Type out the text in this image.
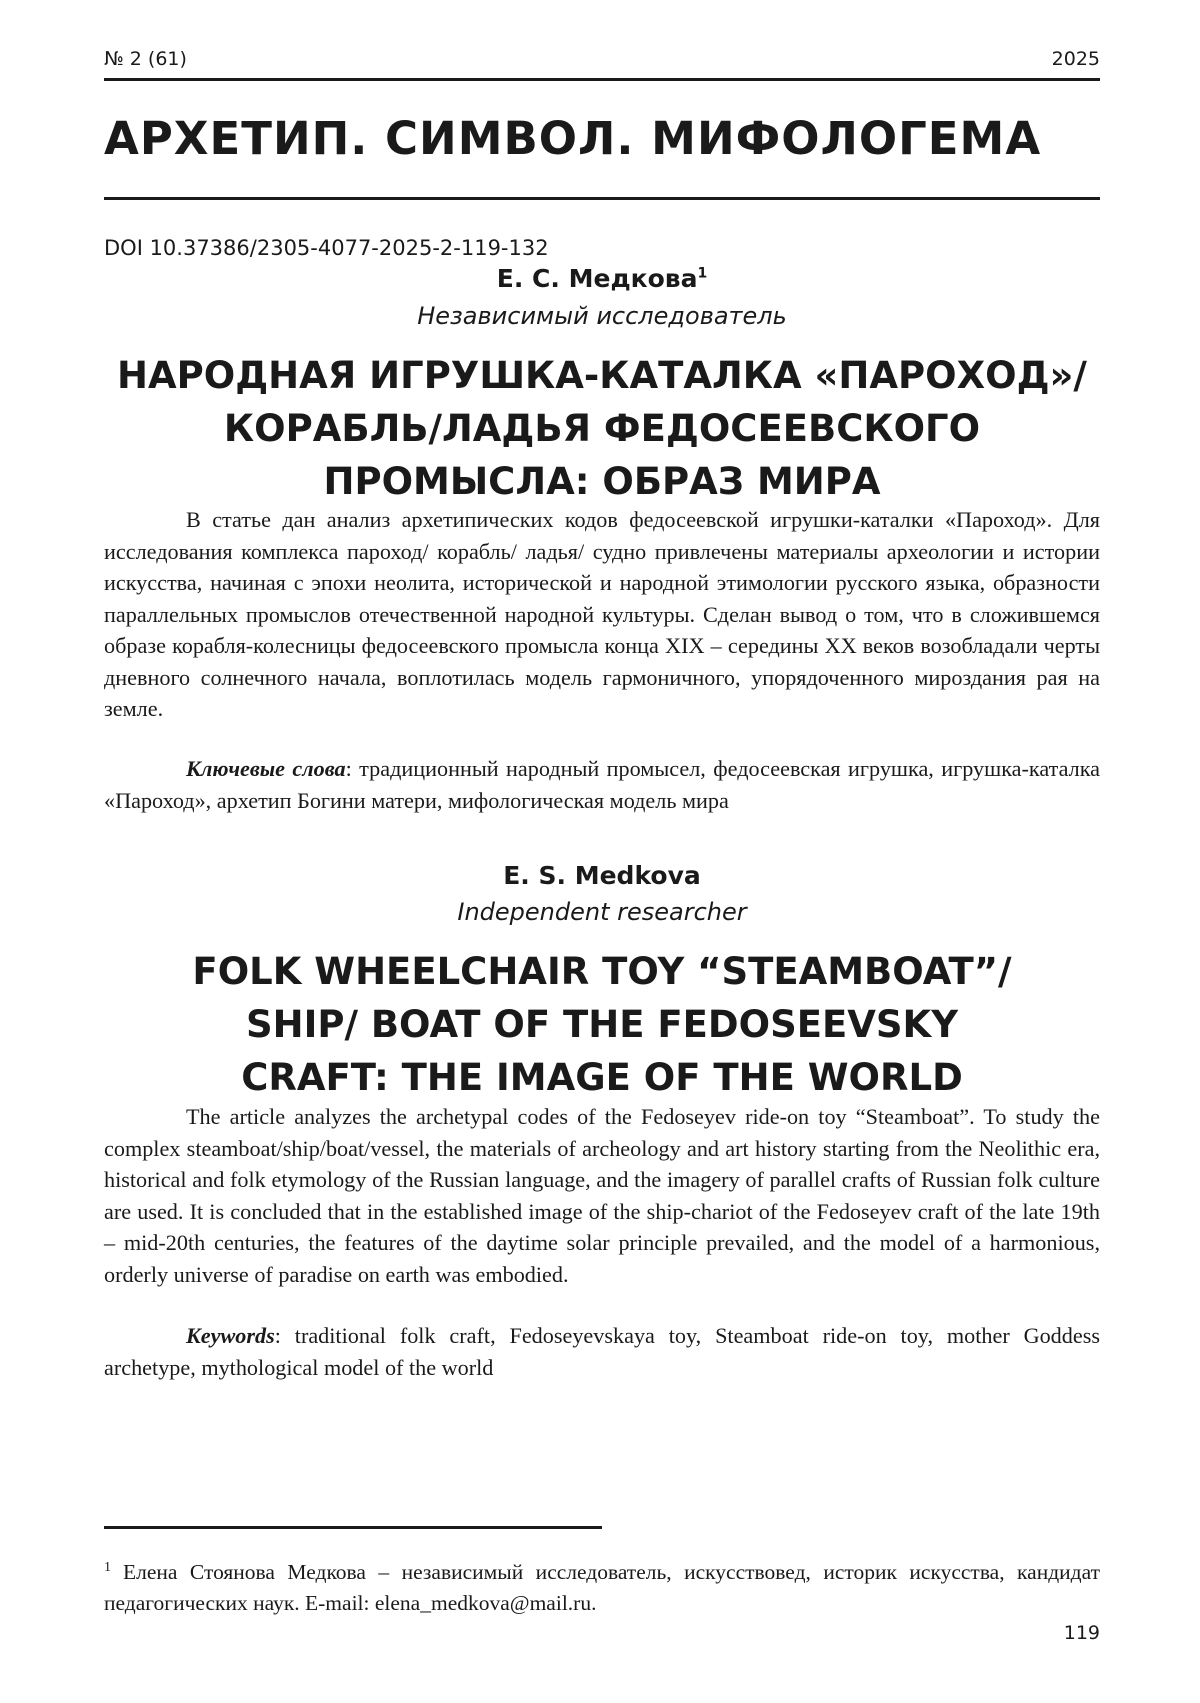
№ 2 (61)	2025
АРХЕТИП. СИМВОЛ. МИФОЛОГЕМА
DOI 10.37386/2305-4077-2025-2-119-132
Е. С. Медкова$^1$
Независимый исследователь
НАРОДНАЯ ИГРУШКА-КАТАЛКА «ПАРОХОД»/
КОРАБЛЬ/ЛАДЬЯ ФЕДОСЕЕВСКОГО
ПРОМЫСЛА: ОБРАЗ МИРА

В статье дан анализ архетипических кодов федосеевской игрушки-каталки «Пароход». Для исследования комплекса пароход/ корабль/ ладья/ судно привлечены материалы археологии и истории искусства, начиная с эпохи неолита, исторической и народной этимологии русского языка, образности параллельных промыслов отечественной народной культуры. Сделан вывод о том, что в сложившемся образе корабля-колесницы федосеевского промысла конца XIX – середины XX веков возобладали черты дневного солнечного начала, воплотилась модель гармоничного, упорядоченного мироздания рая на земле.

Ключевые слова: традиционный народный промысел, федосеевская игрушка, игрушка-каталка «Пароход», архетип Богини матери, мифологическая модель мира

E. S. Medkova
Independent researcher
FOLK WHEELCHAIR TOY “STEAMBOAT”/
SHIP/ BOAT OF THE FEDOSEEVSKY
CRAFT: THE IMAGE OF THE WORLD

The article analyzes the archetypal codes of the Fedoseyev ride-on toy “Steamboat”. To study the complex steamboat/ship/boat/vessel, the materials of archeology and art history starting from the Neolithic era, historical and folk etymology of the Russian language, and the imagery of parallel crafts of Russian folk culture are used. It is concluded that in the established image of the ship-chariot of the Fedoseyev craft of the late 19th – mid-20th centuries, the features of the daytime solar principle prevailed, and the model of a harmonious, orderly universe of paradise on earth was embodied.

Keywords: traditional folk craft, Fedoseyevskaya toy, Steamboat ride-on toy, mother Goddess archetype, mythological model of the world

$^1$ Елена Стоянова Медкова – независимый исследователь, искусствовед, историк искусства, кандидат педагогических наук. E-mail: elena_medkova@mail.ru.

119
